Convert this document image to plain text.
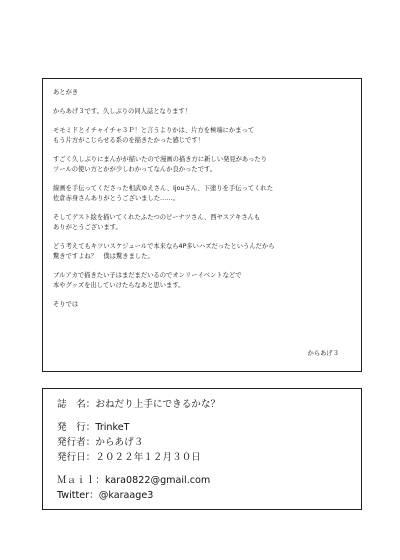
あとがき
からあげ３です。久しぶりの同人誌となります！
モモミドとイチャイチャ３Ｐ！と言うよりかは、片方を極端にかまって
もう片方がこじらせる系のを描きたかった感じです！
すごく久しぶりにまんがが描いたので漫画の描き方に新しい発見があったり
ツールの使い方とかが少しわかってなんか良かったです。
線画を手伝ってくださった相武ゆえさん、Ijouさん、下塗りを手伝ってくれた
佐倉赤身さんありがとうございました……。
そしてゲスト絵を描いてくれたふたつのピーナツさん、西ヤスアキさんも
ありがとうございます。
どう考えてもキツいスケジュールで本来なら4P多いハズだったというんだから
驚きですよね？　僕は驚きました。
ブルアカで描きたい子はまだまだいるのでオンリーイベントなどで
本やグッズを出していけたらなあと思います。
そりでは
からあげ３
誌　名：おねだり上手にできるかな？
発　行：TrinkeT
発行者：からあげ３
発行日：２０２２年１２月３０日
Ｍａｉｌ：kara0822@gmail.com
Twitter：@karaage3
